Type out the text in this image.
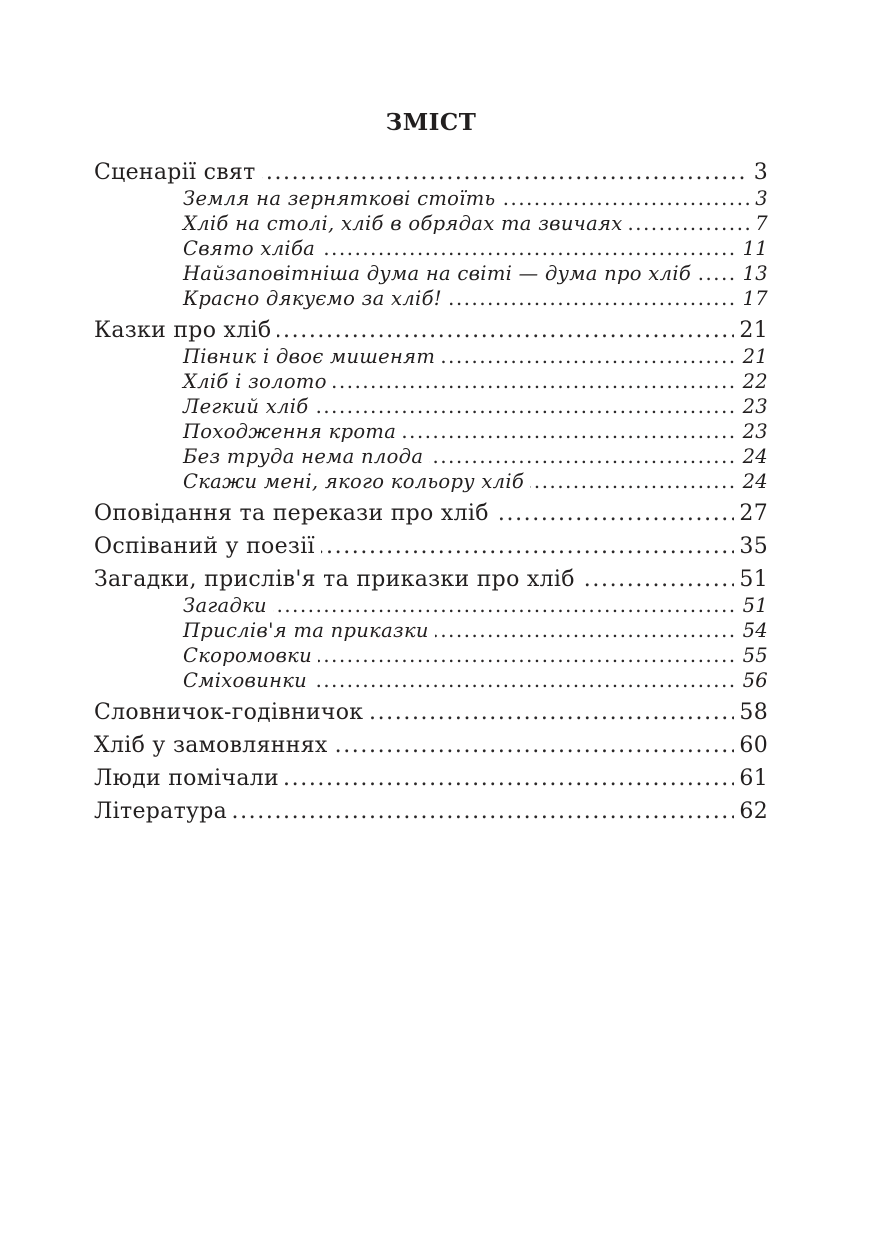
ЗМІСТ
.....
Сценарії свят	3
.....
Земля на зернятковi стоїть	3
.....
Хліб на столі, хліб в обрядах та звичаях	7
.....
Свято хліба	11
.....
Найзаповітніша дума на світі — дума про хліб	13
.....
Красно дякуємо за хліб!	17
.....
Казки про хліб	21
.....
Півник і двоє мишенят	21
.....
Хліб і золото	22
.....
Легкий хліб	23
.....
Походження крота	23
.....
Без труда нема плода	24
.....
Скажи мені, якого кольору хліб	24
.....
Оповідання та перекази про хліб	27
.....
Оспіваний у поезії	35
.....
Загадки, прислів'я та приказки про хліб	51
.....
Загадки	51
.....
Прислів'я та приказки	54
.....
Скоромовки	55
.....
Сміховинки	56
.....
Словничок-годівничок	58
.....
Хліб у замовляннях	60
.....
Люди помічали	61
.....
Література	62
